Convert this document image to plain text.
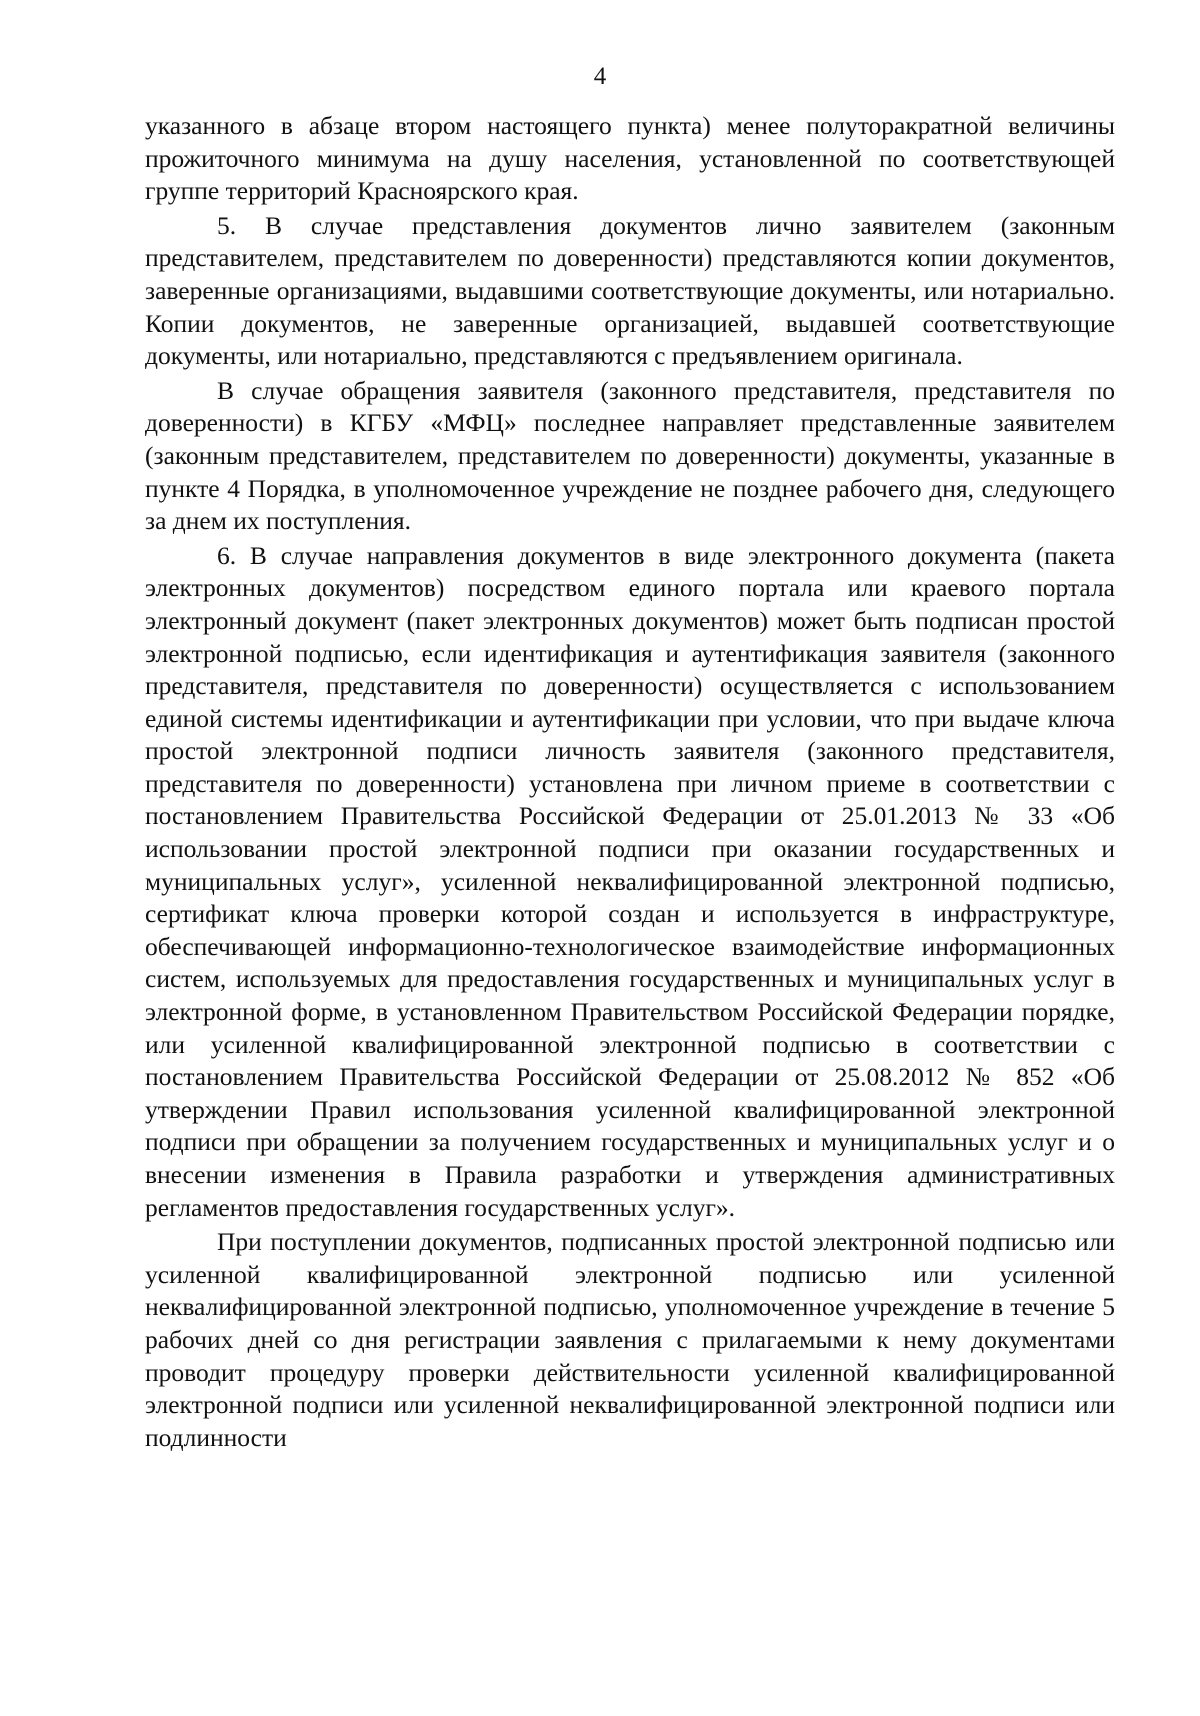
4

указанного в абзаце втором настоящего пункта) менее полуторакратной величины прожиточного минимума на душу населения, установленной по соответствующей группе территорий Красноярского края.

5. В случае представления документов лично заявителем (законным представителем, представителем по доверенности) представляются копии документов, заверенные организациями, выдавшими соответствующие документы, или нотариально. Копии документов, не заверенные организацией, выдавшей соответствующие документы, или нотариально, представляются с предъявлением оригинала.

В случае обращения заявителя (законного представителя, представителя по доверенности) в КГБУ «МФЦ» последнее направляет представленные заявителем (законным представителем, представителем по доверенности) документы, указанные в пункте 4 Порядка, в уполномоченное учреждение не позднее рабочего дня, следующего за днем их поступления.

6. В случае направления документов в виде электронного документа (пакета электронных документов) посредством единого портала или краевого портала электронный документ (пакет электронных документов) может быть подписан простой электронной подписью, если идентификация и аутентификация заявителя (законного представителя, представителя по доверенности) осуществляется с использованием единой системы идентификации и аутентификации при условии, что при выдаче ключа простой электронной подписи личность заявителя (законного представителя, представителя по доверенности) установлена при личном приеме в соответствии с постановлением Правительства Российской Федерации от 25.01.2013 № 33 «Об использовании простой электронной подписи при оказании государственных и муниципальных услуг», усиленной неквалифицированной электронной подписью, сертификат ключа проверки которой создан и используется в инфраструктуре, обеспечивающей информационно-технологическое взаимодействие информационных систем, используемых для предоставления государственных и муниципальных услуг в электронной форме, в установленном Правительством Российской Федерации порядке, или усиленной квалифицированной электронной подписью в соответствии с постановлением Правительства Российской Федерации от 25.08.2012 № 852 «Об утверждении Правил использования усиленной квалифицированной электронной подписи при обращении за получением государственных и муниципальных услуг и о внесении изменения в Правила разработки и утверждения административных регламентов предоставления государственных услуг».

При поступлении документов, подписанных простой электронной подписью или усиленной квалифицированной электронной подписью или усиленной неквалифицированной электронной подписью, уполномоченное учреждение в течение 5 рабочих дней со дня регистрации заявления с прилагаемыми к нему документами проводит процедуру проверки действительности усиленной квалифицированной электронной подписи или усиленной неквалифицированной электронной подписи или подлинности
